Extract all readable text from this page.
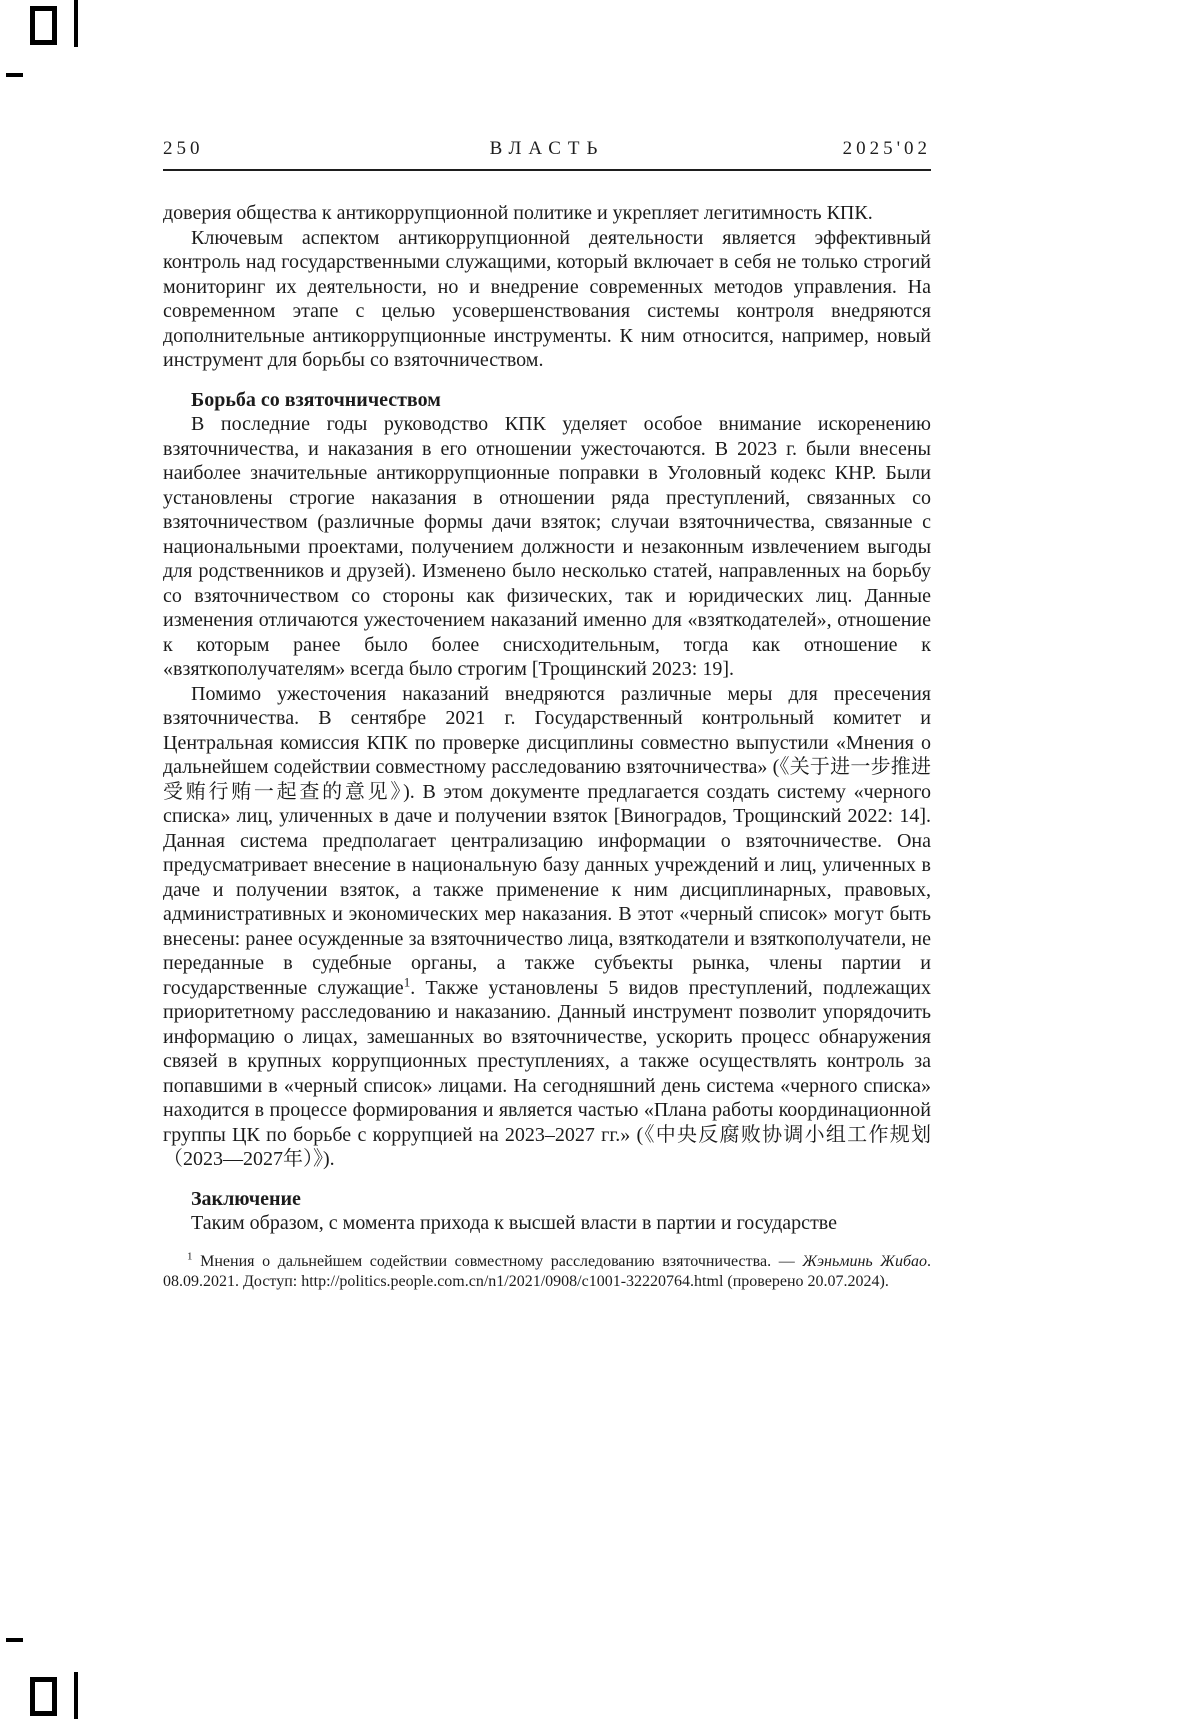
250	ВЛАСТЬ	2025'02

доверия общества к антикоррупционной политике и укрепляет легитимность КПК.

Ключевым аспектом антикоррупционной деятельности является эффективный контроль над государственными служащими, который включает в себя не только строгий мониторинг их деятельности, но и внедрение современных методов управления. На современном этапе с целью усовершенствования системы контроля внедряются дополнительные антикоррупционные инструменты. К ним относится, например, новый инструмент для борьбы со взяточничеством.

Борьба со взяточничеством

В последние годы руководство КПК уделяет особое внимание искоренению взяточничества, и наказания в его отношении ужесточаются. В 2023 г. были внесены наиболее значительные антикоррупционные поправки в Уголовный кодекс КНР. Были установлены строгие наказания в отношении ряда преступлений, связанных со взяточничеством (различные формы дачи взяток; случаи взяточничества, связанные с национальными проектами, получением должности и незаконным извлечением выгоды для родственников и друзей). Изменено было несколько статей, направленных на борьбу со взяточничеством со стороны как физических, так и юридических лиц. Данные изменения отличаются ужесточением наказаний именно для «взяткодателей», отношение к которым ранее было более снисходительным, тогда как отношение к «взяткополучателям» всегда было строгим [Трощинский 2023: 19].

Помимо ужесточения наказаний внедряются различные меры для пресечения взяточничества. В сентябре 2021 г. Государственный контрольный комитет и Центральная комиссия КПК по проверке дисциплины совместно выпустили «Мнения о дальнейшем содействии совместному расследованию взяточничества» (《关于进一步推进受贿行贿一起查的意见》). В этом документе предлагается создать систему «черного списка» лиц, уличенных в даче и получении взяток [Виноградов, Трощинский 2022: 14]. Данная система предполагает централизацию информации о взяточничестве. Она предусматривает внесение в национальную базу данных учреждений и лиц, уличенных в даче и получении взяток, а также применение к ним дисциплинарных, правовых, административных и экономических мер наказания. В этот «черный список» могут быть внесены: ранее осужденные за взяточничество лица, взяткодатели и взяткополучатели, не переданные в судебные органы, а также субъекты рынка, члены партии и государственные служащие$^1$. Также установлены 5 видов преступлений, подлежащих приоритетному расследованию и наказанию. Данный инструмент позволит упорядочить информацию о лицах, замешанных во взяточничестве, ускорить процесс обнаружения связей в крупных коррупционных преступлениях, а также осуществлять контроль за попавшими в «черный список» лицами. На сегодняшний день система «черного списка» находится в процессе формирования и является частью «Плана работы координационной группы ЦК по борьбе с коррупцией на 2023–2027 гг.» (《中央反腐败协调小组工作规划（2023—2027年）》).

Заключение

Таким образом, с момента прихода к высшей власти в партии и государстве

$^1$ Мнения о дальнейшем содействии совместному расследованию взяточничества. — Жэньминь Жибао. 08.09.2021. Доступ: http://politics.people.com.cn/n1/2021/0908/c1001-32220764.html (проверено 20.07.2024).
